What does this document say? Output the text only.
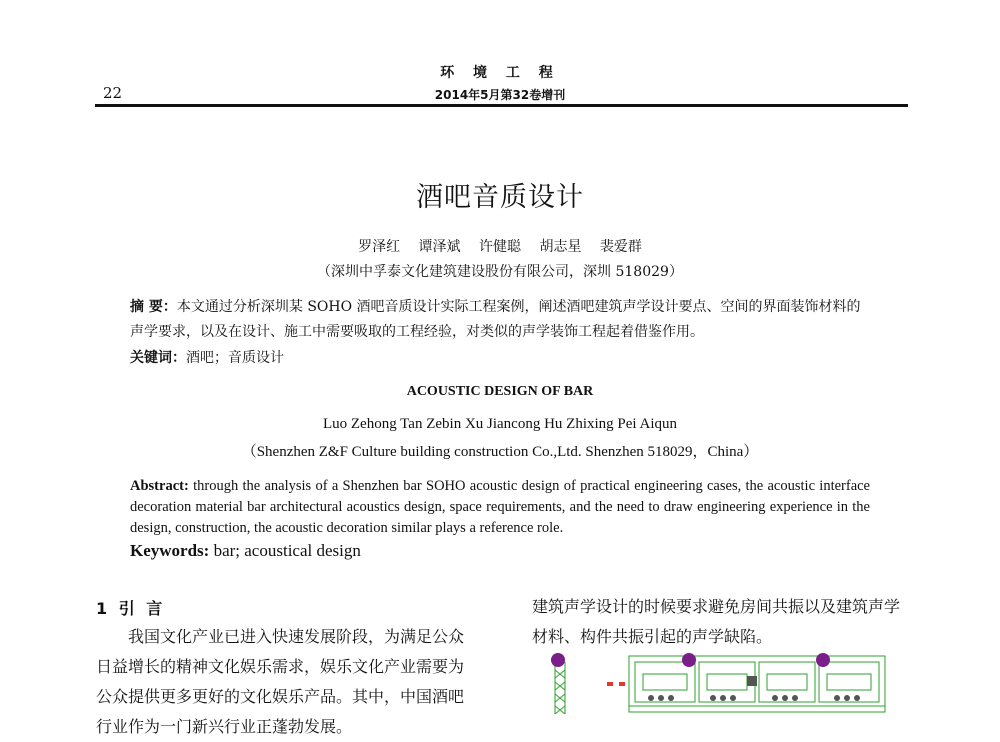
环 境 工 程
22	2014年5月第32卷增刊
酒吧音质设计
罗泽红 谭泽斌 许健聪 胡志星 裴爱群
（深圳中孚泰文化建筑建设股份有限公司，深圳 518029）
摘 要：本文通过分析深圳某 SOHO 酒吧音质设计实际工程案例，阐述酒吧建筑声学设计要点、空间的界面装饰材料的声学要求，以及在设计、施工中需要吸取的工程经验，对类似的声学装饰工程起着借鉴作用。
关键词：酒吧；音质设计
ACOUSTIC DESIGN OF BAR
Luo Zehong Tan Zebin Xu Jiancong Hu Zhixing Pei Aiqun
（Shenzhen Z&F Culture building construction Co.,Ltd. Shenzhen 518029，China）
Abstract: through the analysis of a Shenzhen bar SOHO acoustic design of practical engineering cases, the acoustic interface decoration material bar architectural acoustics design, space requirements, and the need to draw engineering experience in the design, construction, the acoustic decoration similar plays a reference role.
Keywords: bar; acoustical design
1 引 言

我国文化产业已进入快速发展阶段，为满足公众日益增长的精神文化娱乐需求，娱乐文化产业需要为公众提供更多更好的文化娱乐产品。其中，中国酒吧行业作为一门新兴行业正蓬勃发展。

建筑声学设计的时候要求避免房间共振以及建筑声学材料、构件共振引起的声学缺陷。
